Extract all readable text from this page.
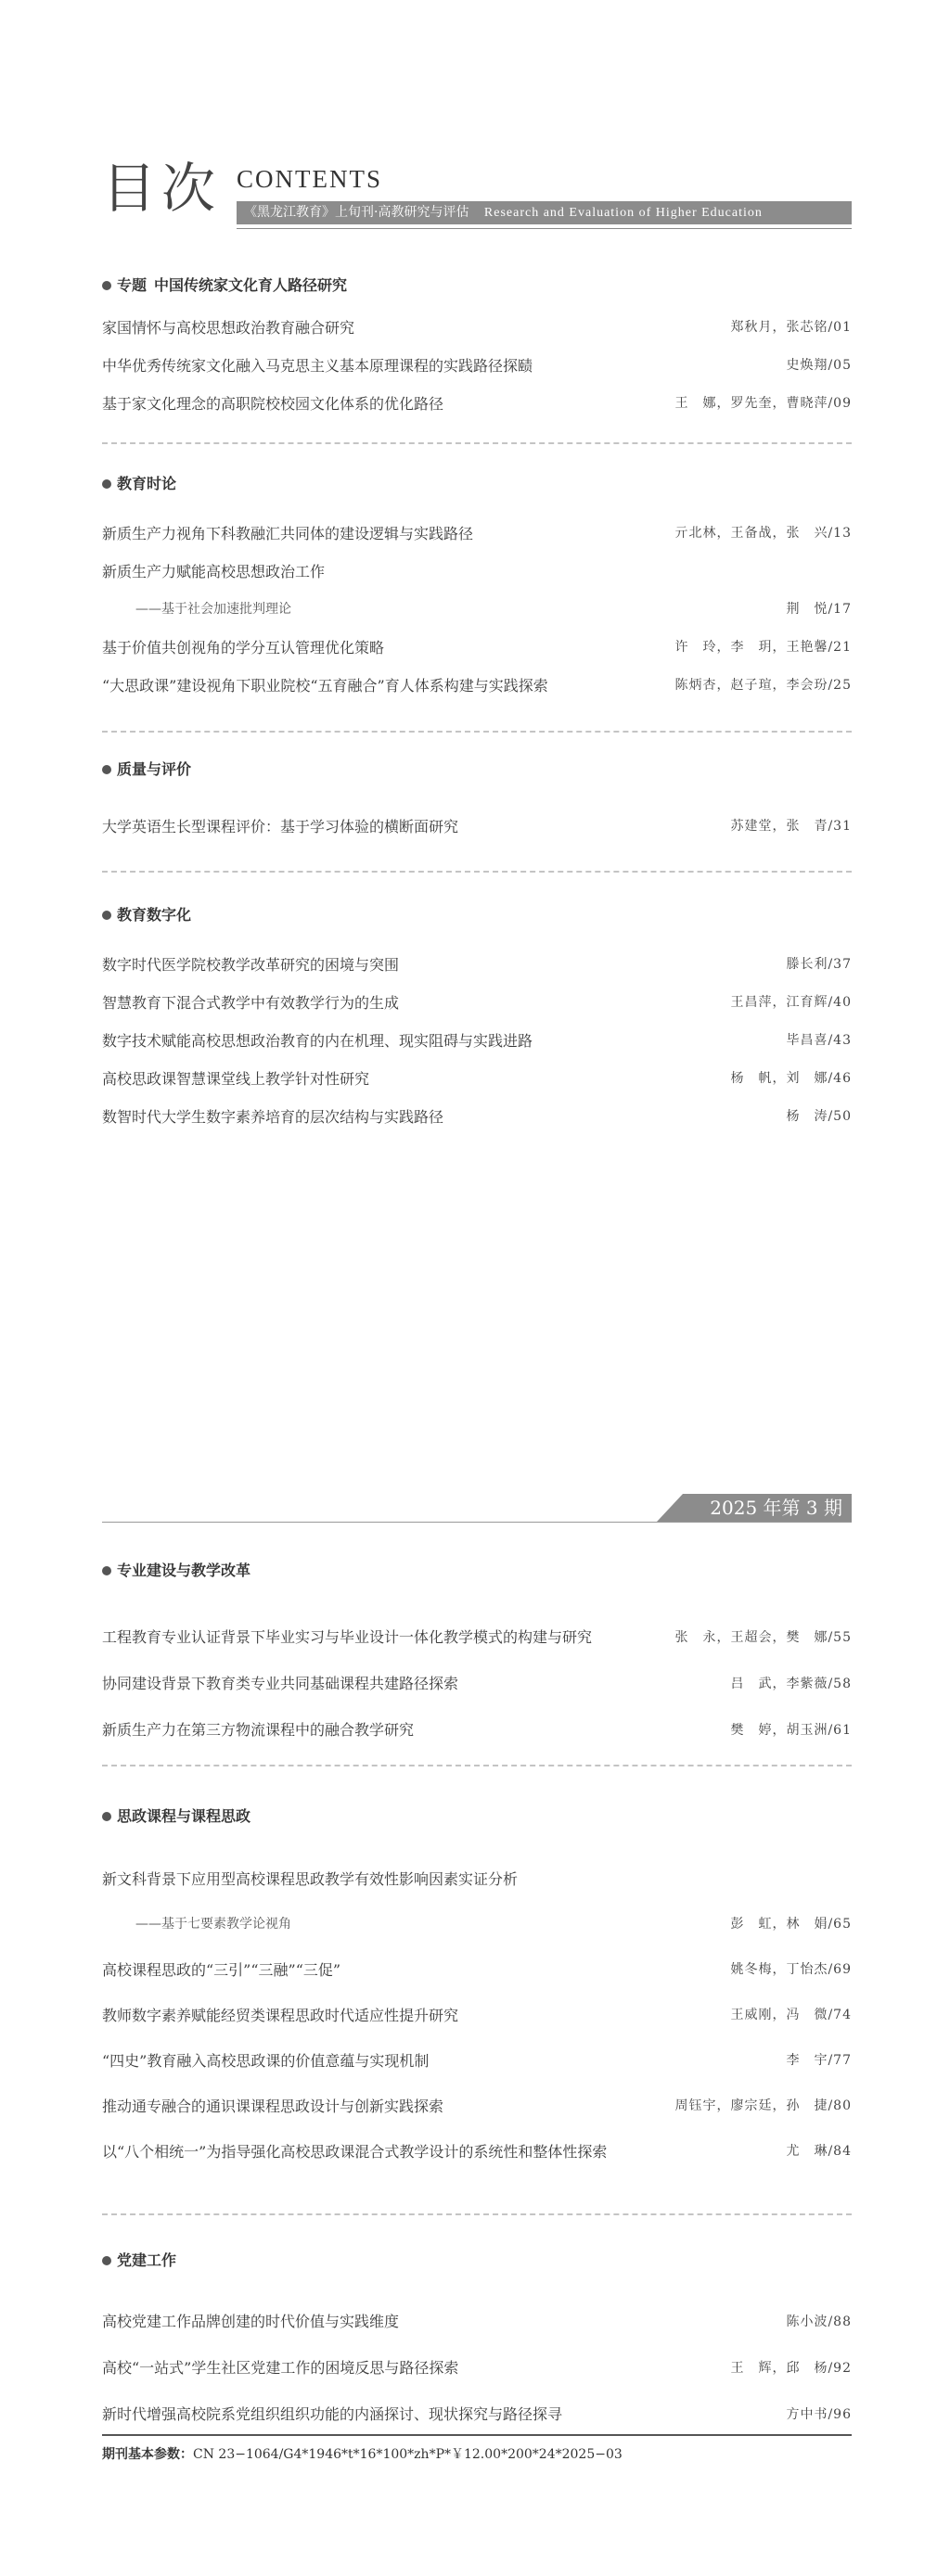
目次 CONTENTS
《黑龙江教育》上旬刊·高教研究与评估 Research and Evaluation of Higher Education
专题 中国传统家文化育人路径研究
家国情怀与高校思想政治教育融合研究	郑秋月，张芯铭/01
中华优秀传统家文化融入马克思主义基本原理课程的实践路径探赜	史焕翔/05
基于家文化理念的高职院校校园文化体系的优化路径	王　娜，罗先奎，曹晓萍/09
教育时论
新质生产力视角下科教融汇共同体的建设逻辑与实践路径	亓北林，王备战，张　兴/13
新质生产力赋能高校思想政治工作
——基于社会加速批判理论	荆　悦/17
基于价值共创视角的学分互认管理优化策略	许　玲，李　玥，王艳馨/21
“大思政课”建设视角下职业院校“五育融合”育人体系构建与实践探索	陈炳杏，赵子瑄，李会玢/25
质量与评价
大学英语生长型课程评价：基于学习体验的横断面研究	苏建堂，张　青/31
教育数字化
数字时代医学院校教学改革研究的困境与突围	滕长利/37
智慧教育下混合式教学中有效教学行为的生成	王昌萍，江育辉/40
数字技术赋能高校思想政治教育的内在机理、现实阻碍与实践进路	毕昌喜/43
高校思政课智慧课堂线上教学针对性研究	杨　帆，刘　娜/46
数智时代大学生数字素养培育的层次结构与实践路径	杨　涛/50
2025 年第 3 期
专业建设与教学改革
工程教育专业认证背景下毕业实习与毕业设计一体化教学模式的构建与研究	张　永，王超会，樊　娜/55
协同建设背景下教育类专业共同基础课程共建路径探索	吕　武，李紫薇/58
新质生产力在第三方物流课程中的融合教学研究	樊　婷，胡玉洲/61
思政课程与课程思政
新文科背景下应用型高校课程思政教学有效性影响因素实证分析
——基于七要素教学论视角	彭　虹，林　娟/65
高校课程思政的“三引”“三融”“三促”	姚冬梅，丁怡杰/69
教师数字素养赋能经贸类课程思政时代适应性提升研究	王威刚，冯　微/74
“四史”教育融入高校思政课的价值意蕴与实现机制	李　宇/77
推动通专融合的通识课课程思政设计与创新实践探索	周钰宇，廖宗廷，孙　捷/80
以“八个相统一”为指导强化高校思政课混合式教学设计的系统性和整体性探索	尤　琳/84
党建工作
高校党建工作品牌创建的时代价值与实践维度	陈小波/88
高校“一站式”学生社区党建工作的困境反思与路径探索	王　辉，邱　杨/92
新时代增强高校院系党组织组织功能的内涵探讨、现状探究与路径探寻	方中书/96
期刊基本参数：CN 23−1064/G4*1946*t*16*100*zh*P*￥12.00*200*24*2025−03
